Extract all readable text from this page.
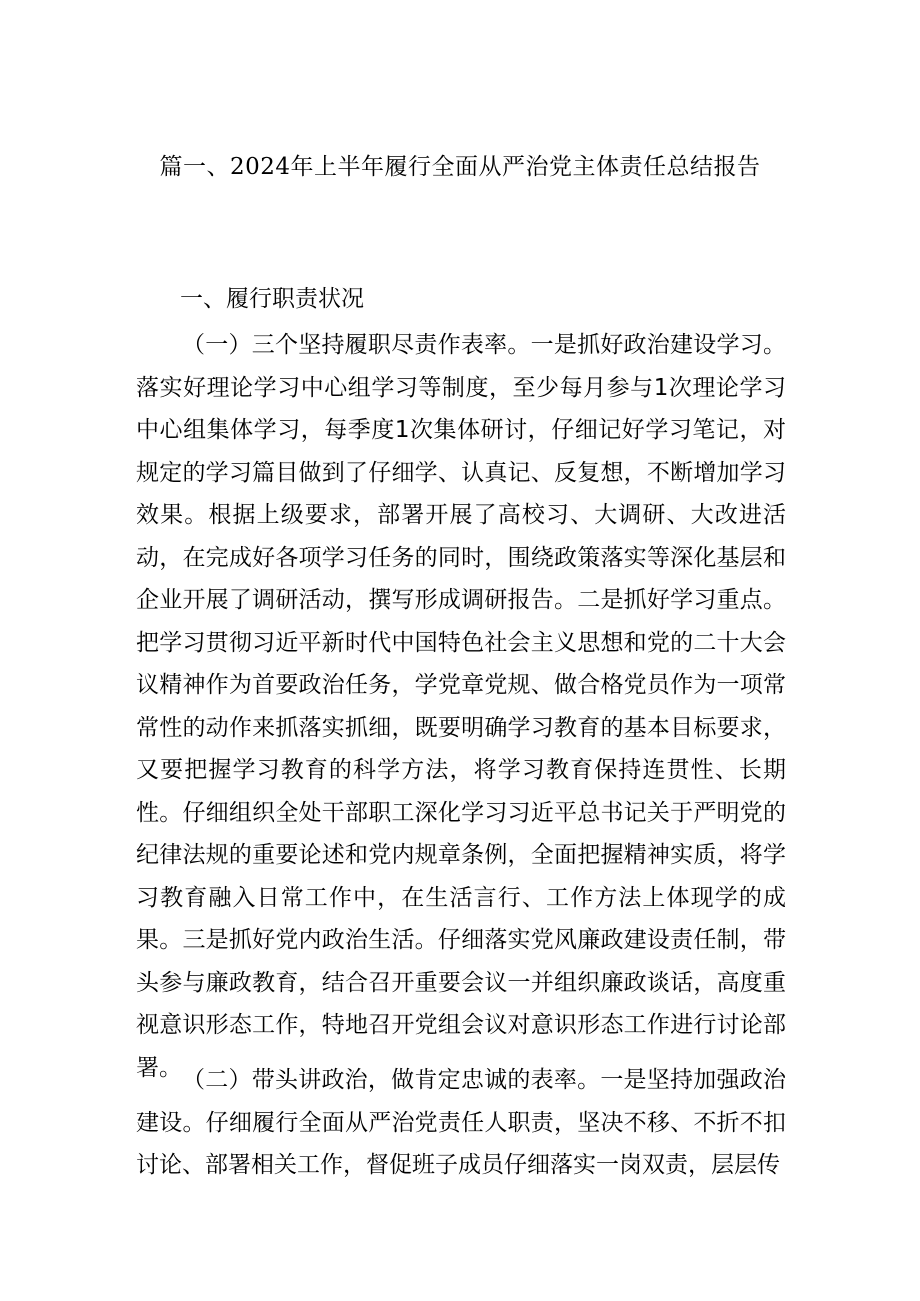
篇一、2024年上半年履行全面从严治党主体责任总结报告
一、履行职责状况

（一）三个坚持履职尽责作表率。一是抓好政治建设学习。落实好理论学习中心组学习等制度，至少每月参与1次理论学习中心组集体学习，每季度1次集体研讨，仔细记好学习笔记，对规定的学习篇目做到了仔细学、认真记、反复想，不断增加学习效果。根据上级要求，部署开展了高校习、大调研、大改进活动，在完成好各项学习任务的同时，围绕政策落实等深化基层和企业开展了调研活动，撰写形成调研报告。二是抓好学习重点。把学习贯彻习近平新时代中国特色社会主义思想和党的二十大会议精神作为首要政治任务，学党章党规、做合格党员作为一项常常性的动作来抓落实抓细，既要明确学习教育的基本目标要求，又要把握学习教育的科学方法，将学习教育保持连贯性、长期性。仔细组织全处干部职工深化学习习近平总书记关于严明党的纪律法规的重要论述和党内规章条例，全面把握精神实质，将学习教育融入日常工作中，在生活言行、工作方法上体现学的成果。三是抓好党内政治生活。仔细落实党风廉政建设责任制，带头参与廉政教育，结合召开重要会议一并组织廉政谈话，高度重视意识形态工作，特地召开党组会议对意识形态工作进行讨论部署。 （二）带头讲政治，做肯定忠诚的表率。一是坚持加强政治建设。仔细履行全面从严治党责任人职责，坚决不移、不折不扣讨论、部署相关工作，督促班子成员仔细落实一岗双责，层层传
